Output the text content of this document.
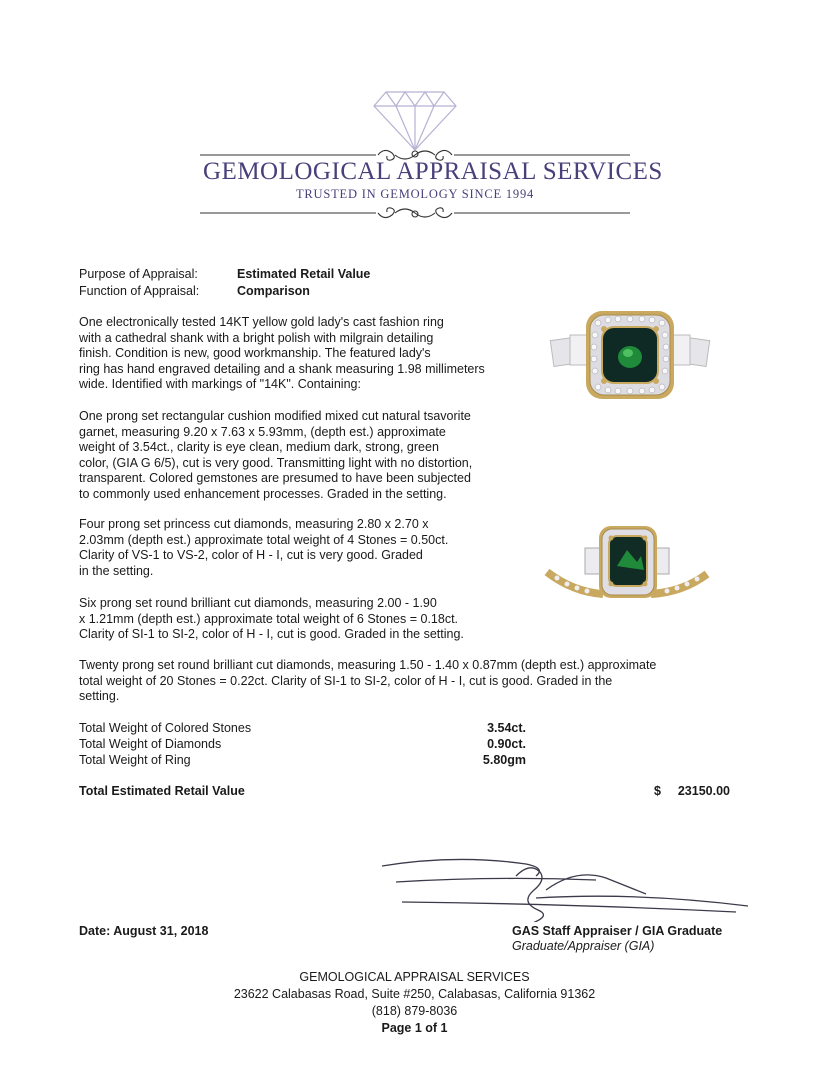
GEMOLOGICAL APPRAISAL SERVICES
TRUSTED IN GEMOLOGY SINCE 1994
Purpose of Appraisal:	Estimated Retail Value
Function of Appraisal:	Comparison
One electronically tested 14KT yellow gold lady's cast fashion ring
with a cathedral shank with a bright polish with milgrain detailing
finish. Condition is new, good workmanship. The featured lady's
ring has hand engraved detailing and a shank measuring 1.98 millimeters
wide. Identified with markings of "14K". Containing:
One prong set rectangular cushion modified mixed cut natural tsavorite
garnet, measuring 9.20 x 7.63 x 5.93mm, (depth est.) approximate
weight of 3.54ct., clarity is eye clean, medium dark, strong, green
color, (GIA G 6/5), cut is very good. Transmitting light with no distortion,
transparent. Colored gemstones are presumed to have been subjected
to commonly used enhancement processes. Graded in the setting.
Four prong set princess cut diamonds, measuring 2.80 x 2.70 x
2.03mm (depth est.) approximate total weight of 4 Stones = 0.50ct.
Clarity of VS-1 to VS-2, color of H - I, cut is very good. Graded
in the setting.
Six prong set round brilliant cut diamonds, measuring 2.00 - 1.90
x 1.21mm (depth est.) approximate total weight of 6 Stones = 0.18ct.
Clarity of SI-1 to SI-2, color of H - I, cut is good. Graded in the setting.
Twenty prong set round brilliant cut diamonds, measuring 1.50 - 1.40 x 0.87mm (depth est.) approximate
total weight of 20 Stones = 0.22ct. Clarity of SI-1 to SI-2, color of H - I, cut is good. Graded in the
setting.
Total Weight of Colored Stones	3.54ct.
Total Weight of Diamonds	0.90ct.
Total Weight of Ring	5.80gm
Total Estimated Retail Value	$	23150.00
Date: August 31, 2018	GAS Staff Appraiser / GIA Graduate
Graduate/Appraiser (GIA)
GEMOLOGICAL APPRAISAL SERVICES
23622 Calabasas Road, Suite #250, Calabasas, California 91362
(818) 879-8036
Page 1 of 1
